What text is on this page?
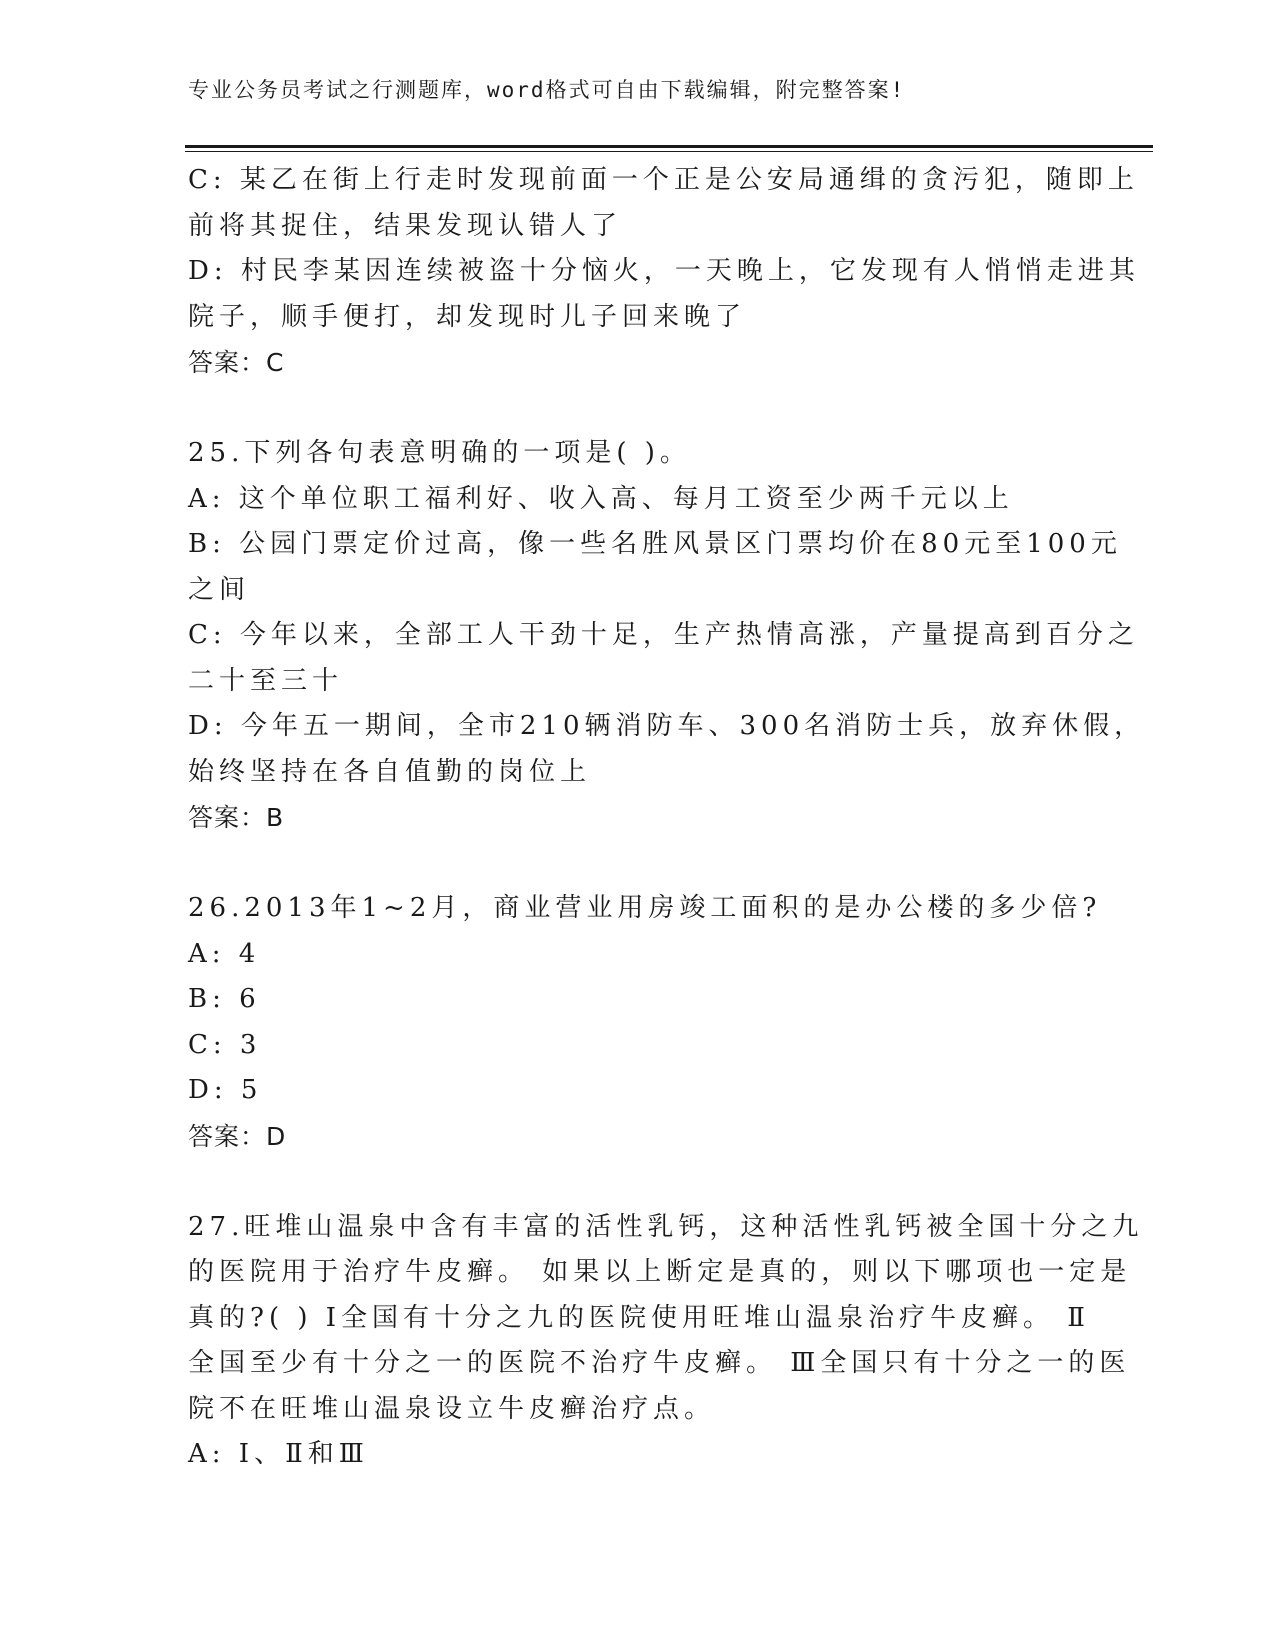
专业公务员考试之行测题库，word格式可自由下载编辑，附完整答案!
C: 某乙在街上行走时发现前面一个正是公安局通缉的贪污犯，随即上
前将其捉住，结果发现认错人了
D: 村民李某因连续被盗十分恼火，一天晚上，它发现有人悄悄走进其
院子，顺手便打，却发现时儿子回来晚了
答案：C
25.下列各句表意明确的一项是( )。
A: 这个单位职工福利好、收入高、每月工资至少两千元以上
B: 公园门票定价过高，像一些名胜风景区门票均价在80元至100元
之间
C: 今年以来，全部工人干劲十足，生产热情高涨，产量提高到百分之
二十至三十
D: 今年五一期间，全市210辆消防车、300名消防士兵，放弃休假，
始终坚持在各自值勤的岗位上
答案：B
26.2013年1~2月，商业营业用房竣工面积的是办公楼的多少倍?
A: 4
B: 6
C: 3
D: 5
答案：D
27.旺堆山温泉中含有丰富的活性乳钙，这种活性乳钙被全国十分之九
的医院用于治疗牛皮癣。 如果以上断定是真的，则以下哪项也一定是
真的?( ) Ⅰ全国有十分之九的医院使用旺堆山温泉治疗牛皮癣。 Ⅱ
全国至少有十分之一的医院不治疗牛皮癣。 Ⅲ全国只有十分之一的医
院不在旺堆山温泉设立牛皮癣治疗点。
A: Ⅰ、Ⅱ和Ⅲ
